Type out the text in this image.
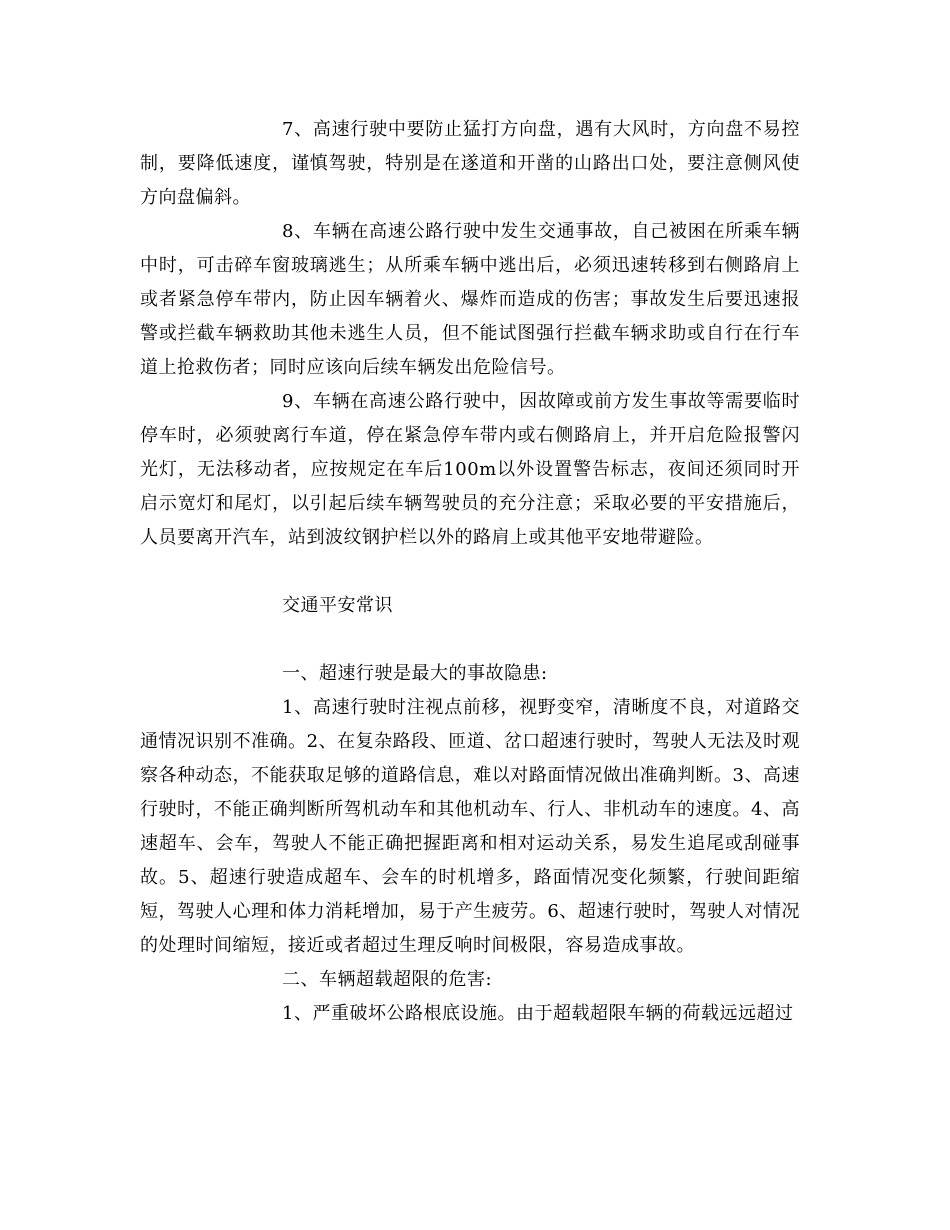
7、高速行驶中要防止猛打方向盘，遇有大风时，方向盘不易控制，要降低速度，谨慎驾驶，特别是在遂道和开凿的山路出口处，要注意侧风使方向盘偏斜。

8、车辆在高速公路行驶中发生交通事故，自己被困在所乘车辆中时，可击碎车窗玻璃逃生；从所乘车辆中逃出后，必须迅速转移到右侧路肩上或者紧急停车带内，防止因车辆着火、爆炸而造成的伤害；事故发生后要迅速报警或拦截车辆救助其他未逃生人员，但不能试图强行拦截车辆求助或自行在行车道上抢救伤者；同时应该向后续车辆发出危险信号。

9、车辆在高速公路行驶中，因故障或前方发生事故等需要临时停车时，必须驶离行车道，停在紧急停车带内或右侧路肩上，并开启危险报警闪光灯，无法移动者，应按规定在车后100m以外设置警告标志，夜间还须同时开启示宽灯和尾灯，以引起后续车辆驾驶员的充分注意；采取必要的平安措施后，人员要离开汽车，站到波纹钢护栏以外的路肩上或其他平安地带避险。

交通平安常识

一、超速行驶是最大的事故隐患:

1、高速行驶时注视点前移，视野变窄，清晰度不良，对道路交通情况识别不准确。2、在复杂路段、匝道、岔口超速行驶时，驾驶人无法及时观察各种动态，不能获取足够的道路信息，难以对路面情况做出准确判断。3、高速行驶时，不能正确判断所驾机动车和其他机动车、行人、非机动车的速度。4、高速超车、会车，驾驶人不能正确把握距离和相对运动关系，易发生追尾或刮碰事故。5、超速行驶造成超车、会车的时机增多，路面情况变化频繁，行驶间距缩短，驾驶人心理和体力消耗增加，易于产生疲劳。6、超速行驶时，驾驶人对情况的处理时间缩短，接近或者超过生理反响时间极限，容易造成事故。

二、车辆超载超限的危害:

1、严重破坏公路根底设施。由于超载超限车辆的荷载远远超过
